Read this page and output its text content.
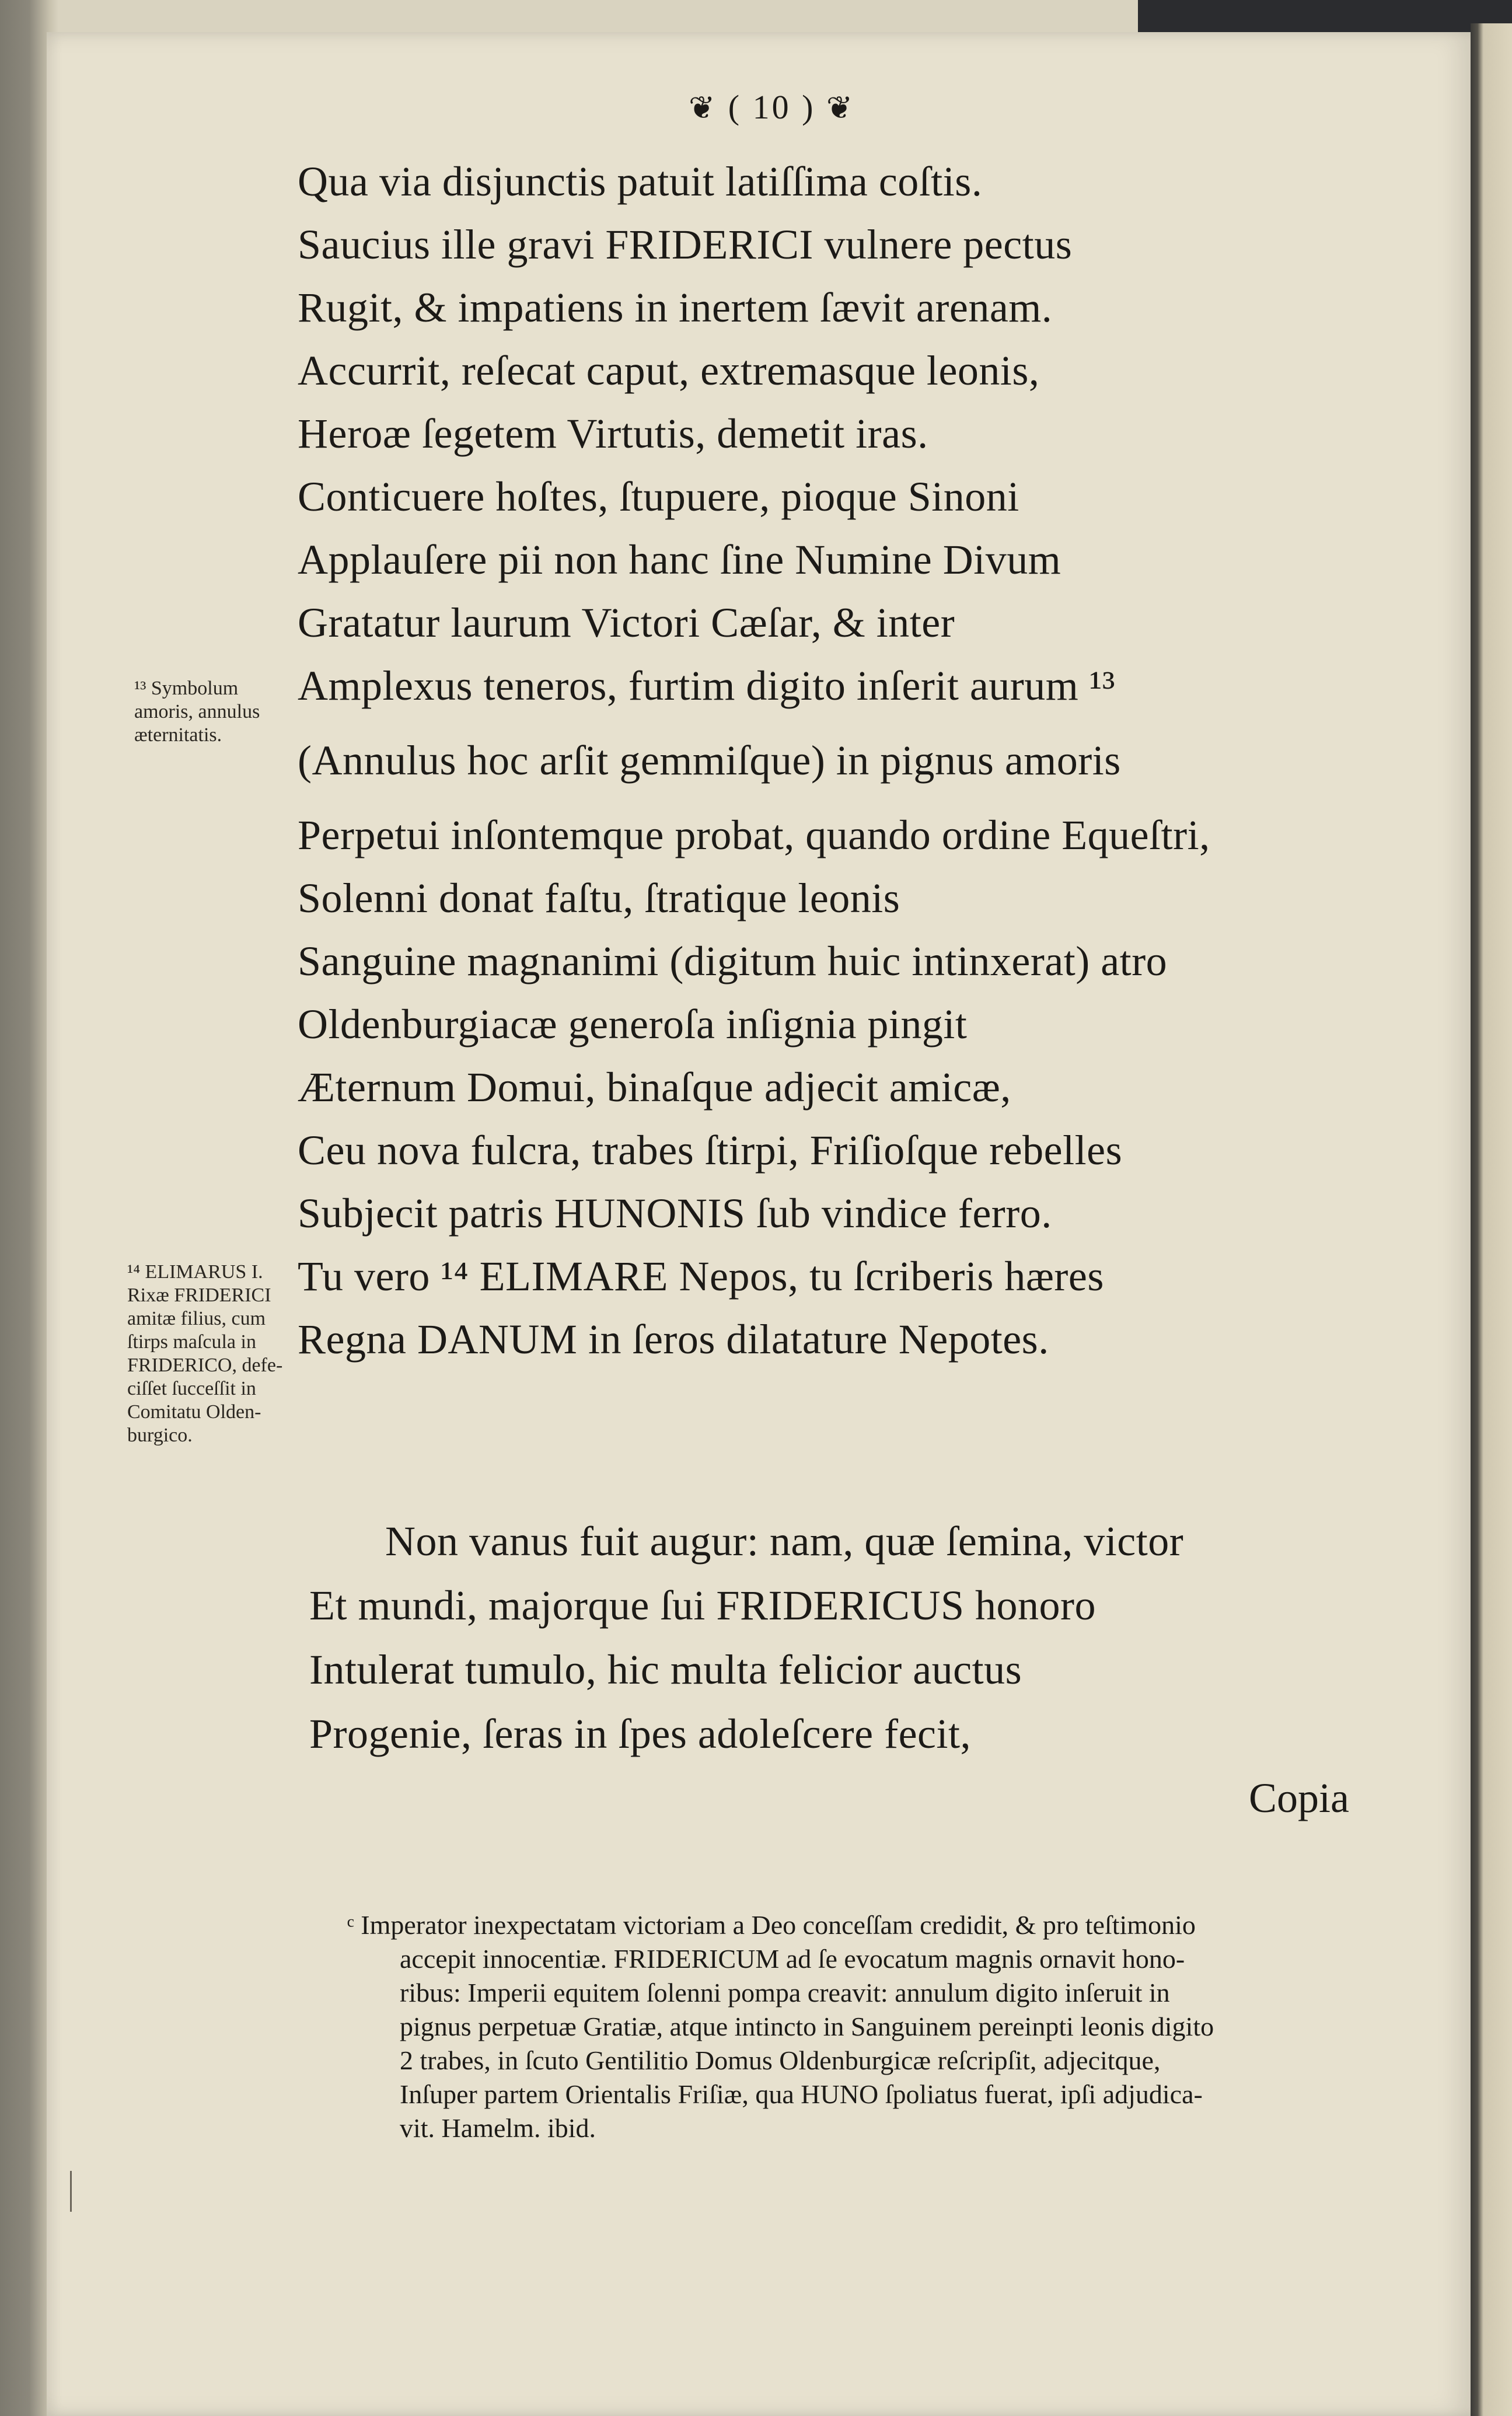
❦ ( 10 ) ❦
Qua via disjunctis patuit latiſſima coſtis.
Saucius ille gravi FRIDERICI vulnere pectus
Rugit, & impatiens in inertem ſævit arenam.
Accurrit, reſecat caput, extremasque leonis,
Heroæ ſegetem Virtutis, demetit iras.
Conticuere hoſtes, ſtupuere, pioque Sinoni
Applauſere pii non hanc ſine Numine Divum
Gratatur laurum Victori Cæſar, & inter
Amplexus teneros, furtim digito inſerit aurum ¹³
(Annulus hoc arſit gemmiſque) in pignus amoris
Perpetui inſontemque probat, quando ordine Equeſtri,
Solenni donat faſtu, ſtratique leonis
Sanguine magnanimi (digitum huic intinxerat) atro
Oldenburgiacæ generoſa inſignia pingit
Æternum Domui, binaſque adjecit amicæ,
Ceu nova fulcra, trabes ſtirpi, Friſioſque rebelles
Subjecit patris HUNONIS ſub vindice ferro.
Tu vero ¹⁴ ELIMARE Nepos, tu ſcriberis hæres
Regna DANUM in ſeros dilataturе Nepotes.
¹³ Symbolum
amoris, annulus
æternitatis.
¹⁴ ELIMARUS I.
Rixæ FRIDERICI
amitæ filius, cum
ſtirps maſcula in
FRIDERICO, defe-
ciſſet ſucceſſit in
Comitatu Olden-
burgico.
Non vanus fuit augur: nam, quæ ſemina, victor
Et mundi, majorque ſui FRIDERICUS honoro
Intulerat tumulo, hic multa felicior auctus
Progenie, ſeras in ſpes adoleſcere fecit,
Copia
ᶜ Imperator inexpectatam victoriam a Deo conceſſam credidit, & pro teſtimonio
accepit innocentiæ. FRIDERICUM ad ſe evocatum magnis ornavit hono-
ribus: Imperii equitem ſolenni pompa creavit: annulum digito inſeruit in
pignus perpetuæ Gratiæ, atque intincto in Sanguinem pereinpti leonis digito
2 trabes, in ſcuto Gentilitio Domus Oldenburgicæ reſcripſit, adjecitque,
Inſuper partem Orientalis Friſiæ, qua HUNO ſpoliatus fuerat, ipſi adjudica-
vit. Hamelm. ibid.
